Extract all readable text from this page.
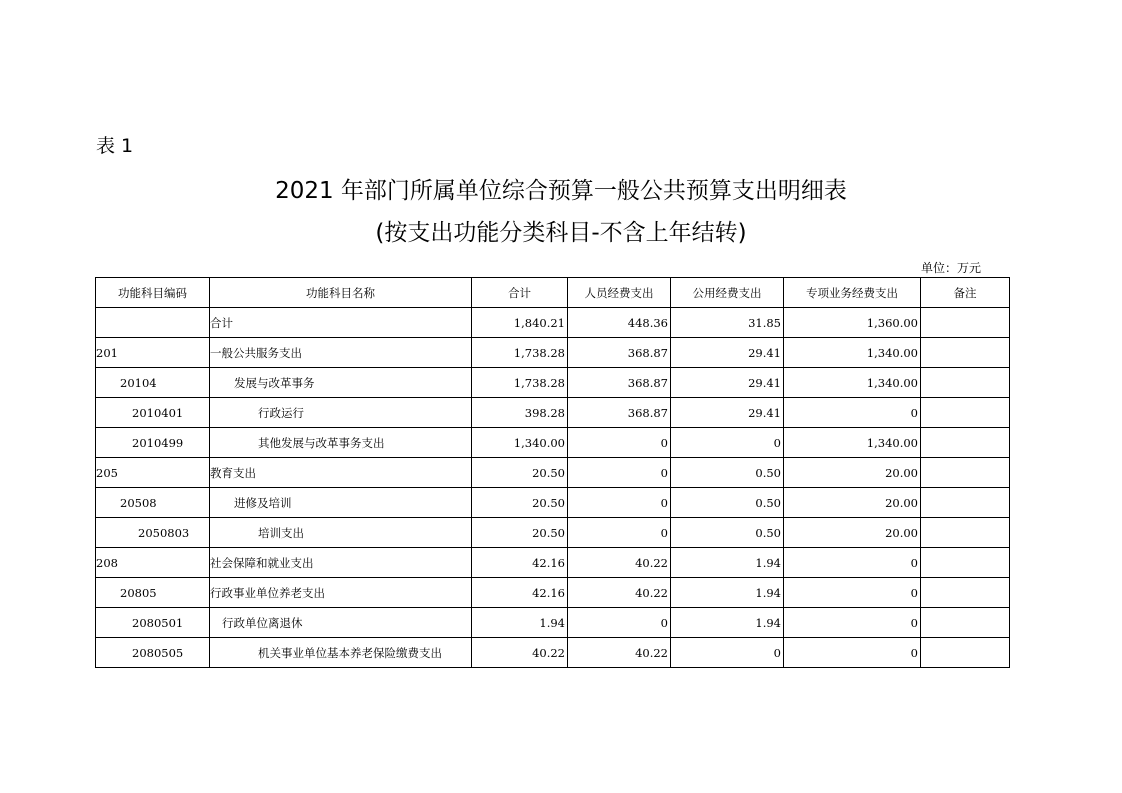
表 1
2021 年部门所属单位综合预算一般公共预算支出明细表
(按支出功能分类科目-不含上年结转)
单位：万元
功能科目编码	功能科目名称	合计	人员经费支出	公用经费支出	专项业务经费支出	备注
	合计	1,840.21	448.36	31.85	1,360.00	
201	一般公共服务支出	1,738.28	368.87	29.41	1,340.00	
20104	发展与改革事务	1,738.28	368.87	29.41	1,340.00	
2010401	行政运行	398.28	368.87	29.41	0	
2010499	其他发展与改革事务支出	1,340.00	0	0	1,340.00	
205	教育支出	20.50	0	0.50	20.00	
20508	进修及培训	20.50	0	0.50	20.00	
2050803	培训支出	20.50	0	0.50	20.00	
208	社会保障和就业支出	42.16	40.22	1.94	0	
20805	行政事业单位养老支出	42.16	40.22	1.94	0	
2080501	行政单位离退休	1.94	0	1.94	0	
2080505	机关事业单位基本养老保险缴费支出	40.22	40.22	0	0	
